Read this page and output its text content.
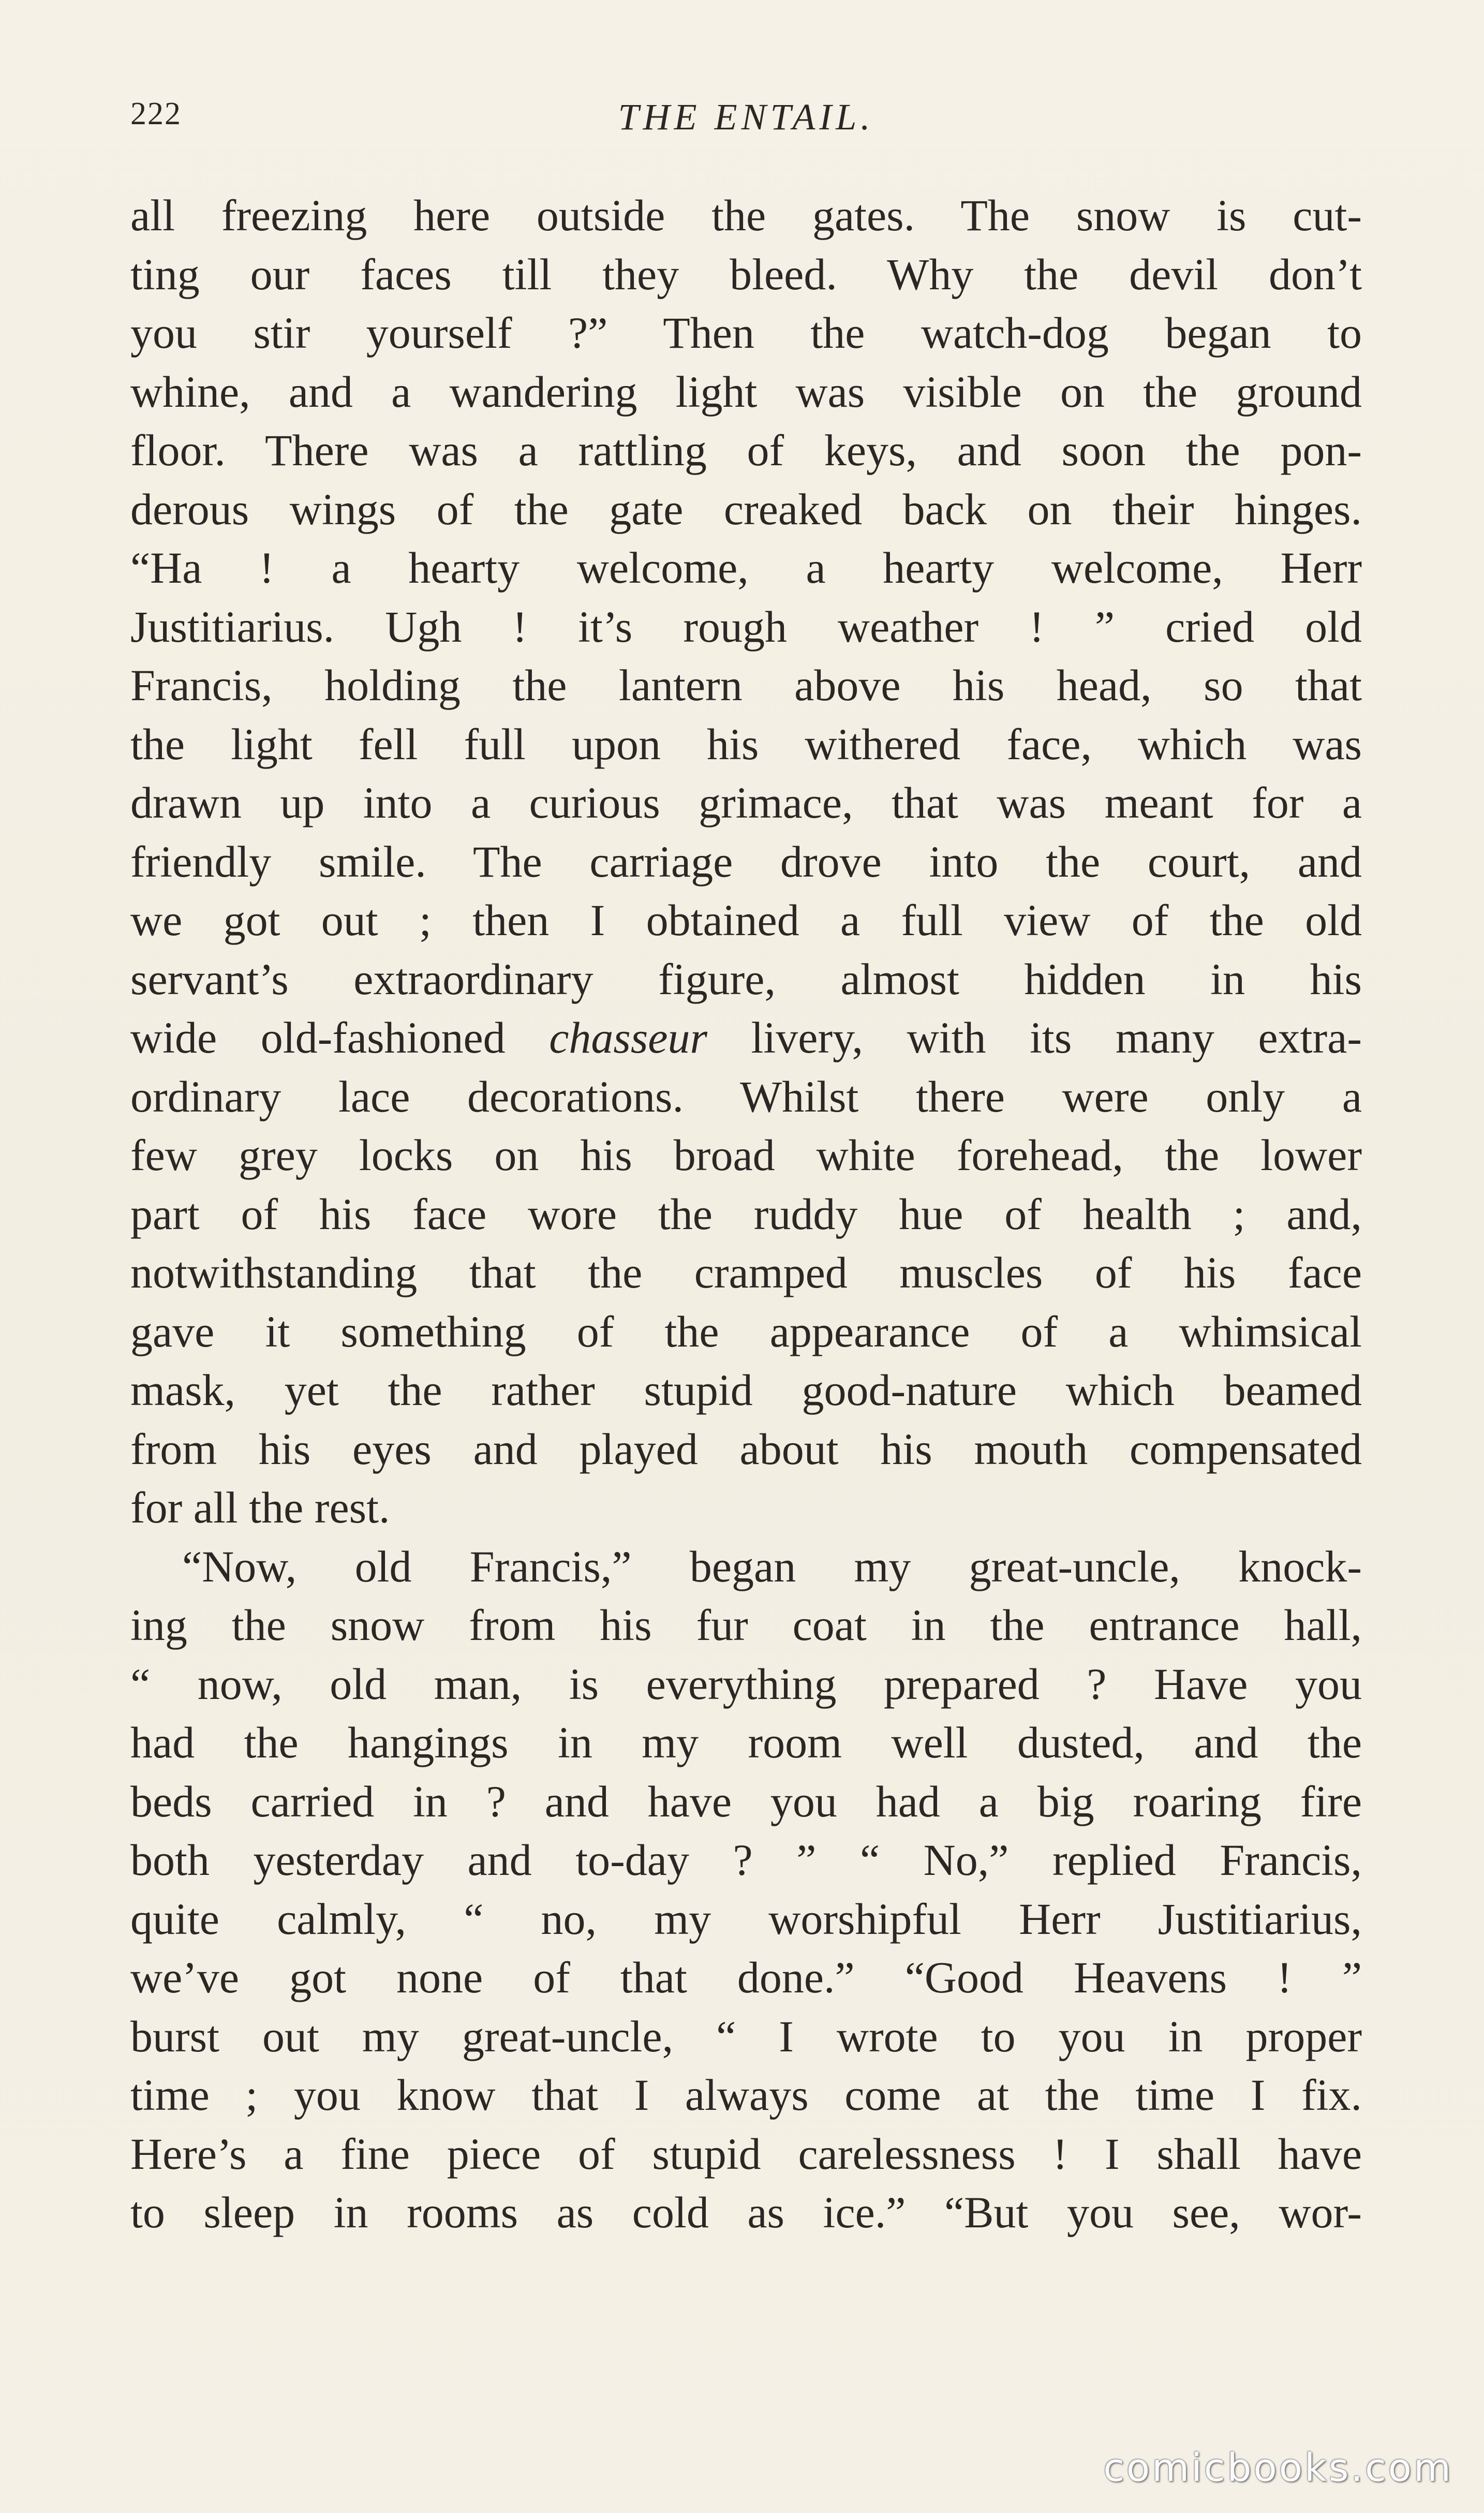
222	THE ENTAIL.
all freezing here outside the gates. The snow is cut-
ting our faces till they bleed. Why the devil don’t
you stir yourself ?” Then the watch-dog began to
whine, and a wandering light was visible on the ground
floor. There was a rattling of keys, and soon the pon-
derous wings of the gate creaked back on their hinges.
“Ha ! a hearty welcome, a hearty welcome, Herr
Justitiarius. Ugh ! it’s rough weather ! ” cried old
Francis, holding the lantern above his head, so that
the light fell full upon his withered face, which was
drawn up into a curious grimace, that was meant for a
friendly smile. The carriage drove into the court, and
we got out ; then I obtained a full view of the old
servant’s extraordinary figure, almost hidden in his
wide old-fashioned chasseur livery, with its many extra-
ordinary lace decorations. Whilst there were only a
few grey locks on his broad white forehead, the lower
part of his face wore the ruddy hue of health ; and,
notwithstanding that the cramped muscles of his face
gave it something of the appearance of a whimsical
mask, yet the rather stupid good-nature which beamed
from his eyes and played about his mouth compensated
for all the rest.
“Now, old Francis,” began my great-uncle, knock-
ing the snow from his fur coat in the entrance hall,
“ now, old man, is everything prepared ? Have you
had the hangings in my room well dusted, and the
beds carried in ? and have you had a big roaring fire
both yesterday and to-day ? ” “ No,” replied Francis,
quite calmly, “ no, my worshipful Herr Justitiarius,
we’ve got none of that done.” “Good Heavens ! ”
burst out my great-uncle, “ I wrote to you in proper
time ; you know that I always come at the time I fix.
Here’s a fine piece of stupid carelessness ! I shall have
to sleep in rooms as cold as ice.” “But you see, wor-
comicbooks.com
